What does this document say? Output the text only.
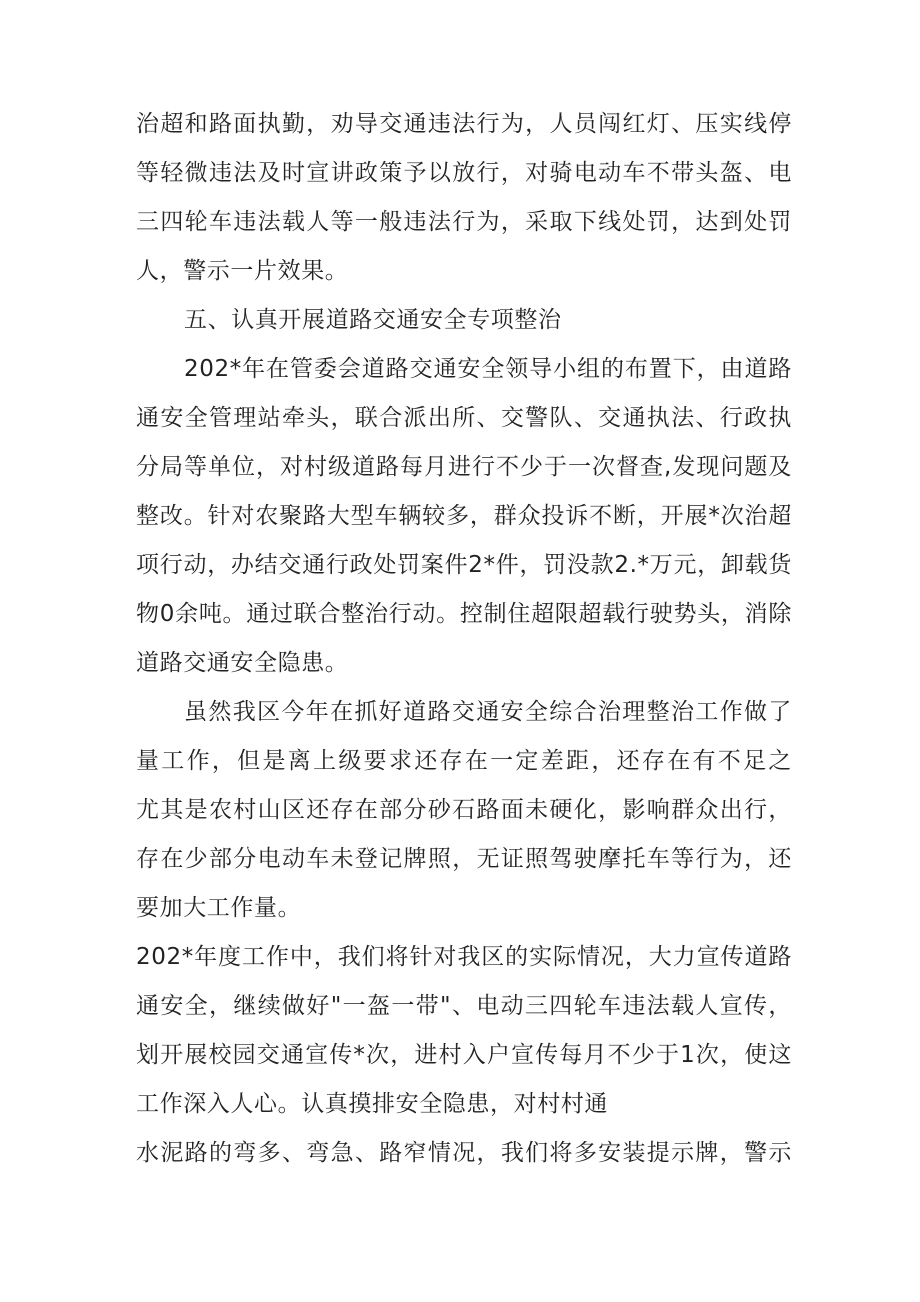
治超和路面执勤，劝导交通违法行为，人员闯红灯、压实线停
等轻微违法及时宣讲政策予以放行，对骑电动车不带头盔、电
三四轮车违法载人等一般违法行为，采取下线处罚，达到处罚
人，警示一片效果。
五、认真开展道路交通安全专项整治
202*年在管委会道路交通安全领导小组的布置下，由道路
通安全管理站牵头，联合派出所、交警队、交通执法、行政执
分局等单位，对村级道路每月进行不少于一次督查,发现问题及
整改。针对农聚路大型车辆较多，群众投诉不断，开展*次治超
项行动，办结交通行政处罚案件2*件，罚没款2.*万元，卸载货
物0余吨。通过联合整治行动。控制住超限超载行驶势头，消除
道路交通安全隐患。
虽然我区今年在抓好道路交通安全综合治理整治工作做了
量工作，但是离上级要求还存在一定差距，还存在有不足之
尤其是农村山区还存在部分砂石路面未硬化，影响群众出行，
存在少部分电动车未登记牌照，无证照驾驶摩托车等行为，还
要加大工作量。
202*年度工作中，我们将针对我区的实际情况，大力宣传道路
通安全，继续做好"一盔一带"、电动三四轮车违法载人宣传，
划开展校园交通宣传*次，进村入户宣传每月不少于1次，使这
工作深入人心。认真摸排安全隐患，对村村通
水泥路的弯多、弯急、路窄情况，我们将多安装提示牌，警示
